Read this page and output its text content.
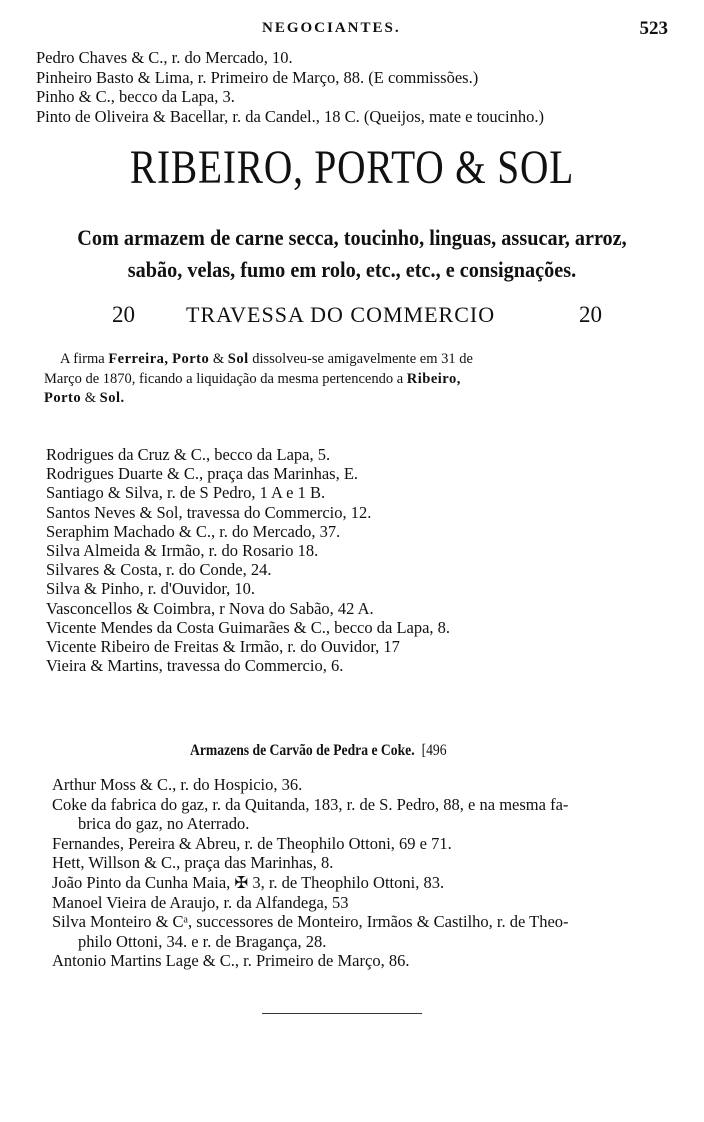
NEGOCIANTES.	523
Pedro Chaves & C., r. do Mercado, 10.
Pinheiro Basto & Lima, r. Primeiro de Março, 88. (E commissões.)
Pinho & C., becco da Lapa, 3.
Pinto de Oliveira & Bacellar, r. da Candel., 18 C. (Queijos, mate e toucinho.)
RIBEIRO, PORTO & SOL
Com armazem de carne secca, toucinho, linguas, assucar, arroz,
sabão, velas, fumo em rolo, etc., etc., e consignações.
20 TRAVESSA DO COMMERCIO	20
A firma Ferreira, Porto & Sol dissolveu-se amigavelmente em 31 de
Março de 1870, ficando a liquidação da mesma pertencendo a Ribeiro,
Porto & Sol.
Rodrigues da Cruz & C., becco da Lapa, 5.
Rodrigues Duarte & C., praça das Marinhas, E.
Santiago & Silva, r. de S Pedro, 1 A e 1 B.
Santos Neves & Sol, travessa do Commercio, 12.
Seraphim Machado & C., r. do Mercado, 37.
Silva Almeida & Irmão, r. do Rosario 18.
Silvares & Costa, r. do Conde, 24.
Silva & Pinho, r. d'Ouvidor, 10.
Vasconcellos & Coimbra, r Nova do Sabão, 42 A.
Vicente Mendes da Costa Guimarães & C., becco da Lapa, 8.
Vicente Ribeiro de Freitas & Irmão, r. do Ouvidor, 17
Vieira & Martins, travessa do Commercio, 6.
Armazens de Carvão de Pedra e Coke. [496
Arthur Moss & C., r. do Hospicio, 36.
Coke da fabrica do gaz, r. da Quitanda, 183, r. de S. Pedro, 88, e na mesma fa-
brica do gaz, no Aterrado.
Fernandes, Pereira & Abreu, r. de Theophilo Ottoni, 69 e 71.
Hett, Willson & C., praça das Marinhas, 8.
João Pinto da Cunha Maia, ✠ 3, r. de Theophilo Ottoni, 83.
Manoel Vieira de Araujo, r. da Alfandega, 53
Silva Monteiro & Cᵃ, successores de Monteiro, Irmãos & Castilho, r. de Theo-
philo Ottoni, 34. e r. de Bragança, 28.
Antonio Martins Lage & C., r. Primeiro de Março, 86.
